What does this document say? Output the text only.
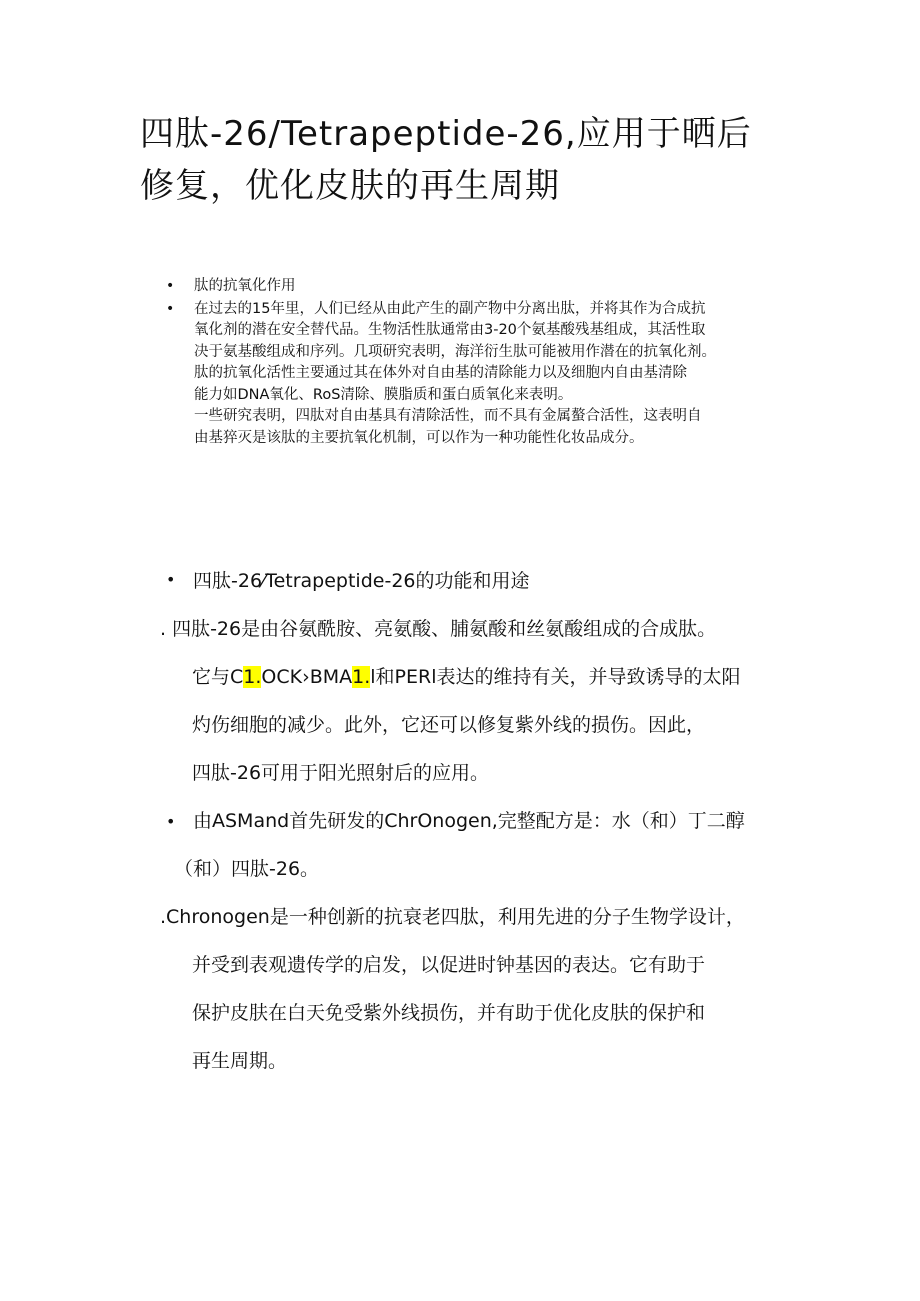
四肽-26/Tetrapeptide-26,应用于晒后
修复，优化皮肤的再生周期
• 肽的抗氧化作用
• 在过去的15年里，人们已经从由此产生的副产物中分离出肽，并将其作为合成抗
氧化剂的潜在安全替代品。生物活性肽通常由3-20个氨基酸残基组成，其活性取
决于氨基酸组成和序列。几项研究表明，海洋衍生肽可能被用作潜在的抗氧化剂。
肽的抗氧化活性主要通过其在体外对自由基的清除能力以及细胞内自由基清除
能力如DNA氧化、RoS清除、膜脂质和蛋白质氧化来表明。
一些研究表明，四肽对自由基具有清除活性，而不具有金属螯合活性，这表明自
由基猝灭是该肽的主要抗氧化机制，可以作为一种功能性化妆品成分。
• 四肽-26⁄Tetrapeptide-26的功能和用途
. 四肽-26是由谷氨酰胺、亮氨酸、脯氨酸和丝氨酸组成的合成肽。
它与C1.OCK›BMA1.l和PERl表达的维持有关，并导致诱导的太阳
灼伤细胞的减少。此外，它还可以修复紫外线的损伤。因此，
四肽-26可用于阳光照射后的应用。
• 由ASMand首先研发的ChrOnogen,完整配方是：水（和）丁二醇
（和）四肽-26。
.Chronogen是一种创新的抗衰老四肽，利用先进的分子生物学设计，
并受到表观遗传学的启发，以促进时钟基因的表达。它有助于
保护皮肤在白天免受紫外线损伤，并有助于优化皮肤的保护和
再生周期。
